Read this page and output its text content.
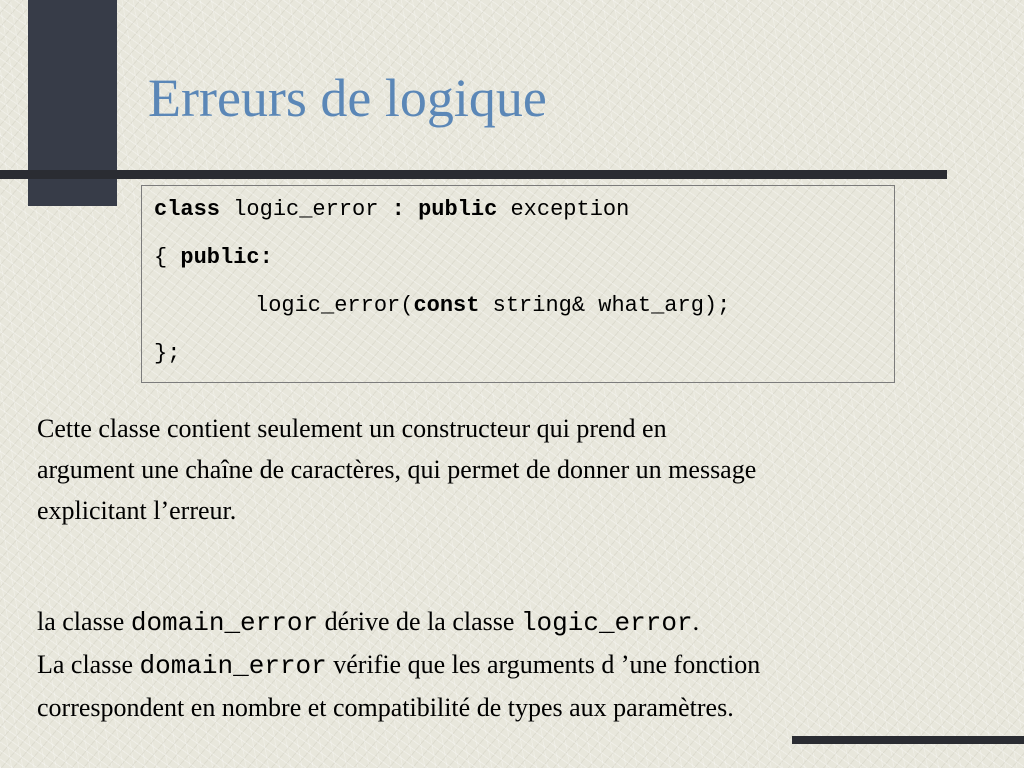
Erreurs de logique

class logic_error : public exception

{ public:

logic_error(const string& what_arg);

};

Cette classe contient seulement un constructeur qui prend en
argument une chaîne de caractères, qui permet de donner un message
explicitant l’erreur.
la classe domain_error dérive de la classe logic_error.
La classe domain_error vérifie que les arguments d ’une fonction
correspondent en nombre et compatibilité de types aux paramètres.
